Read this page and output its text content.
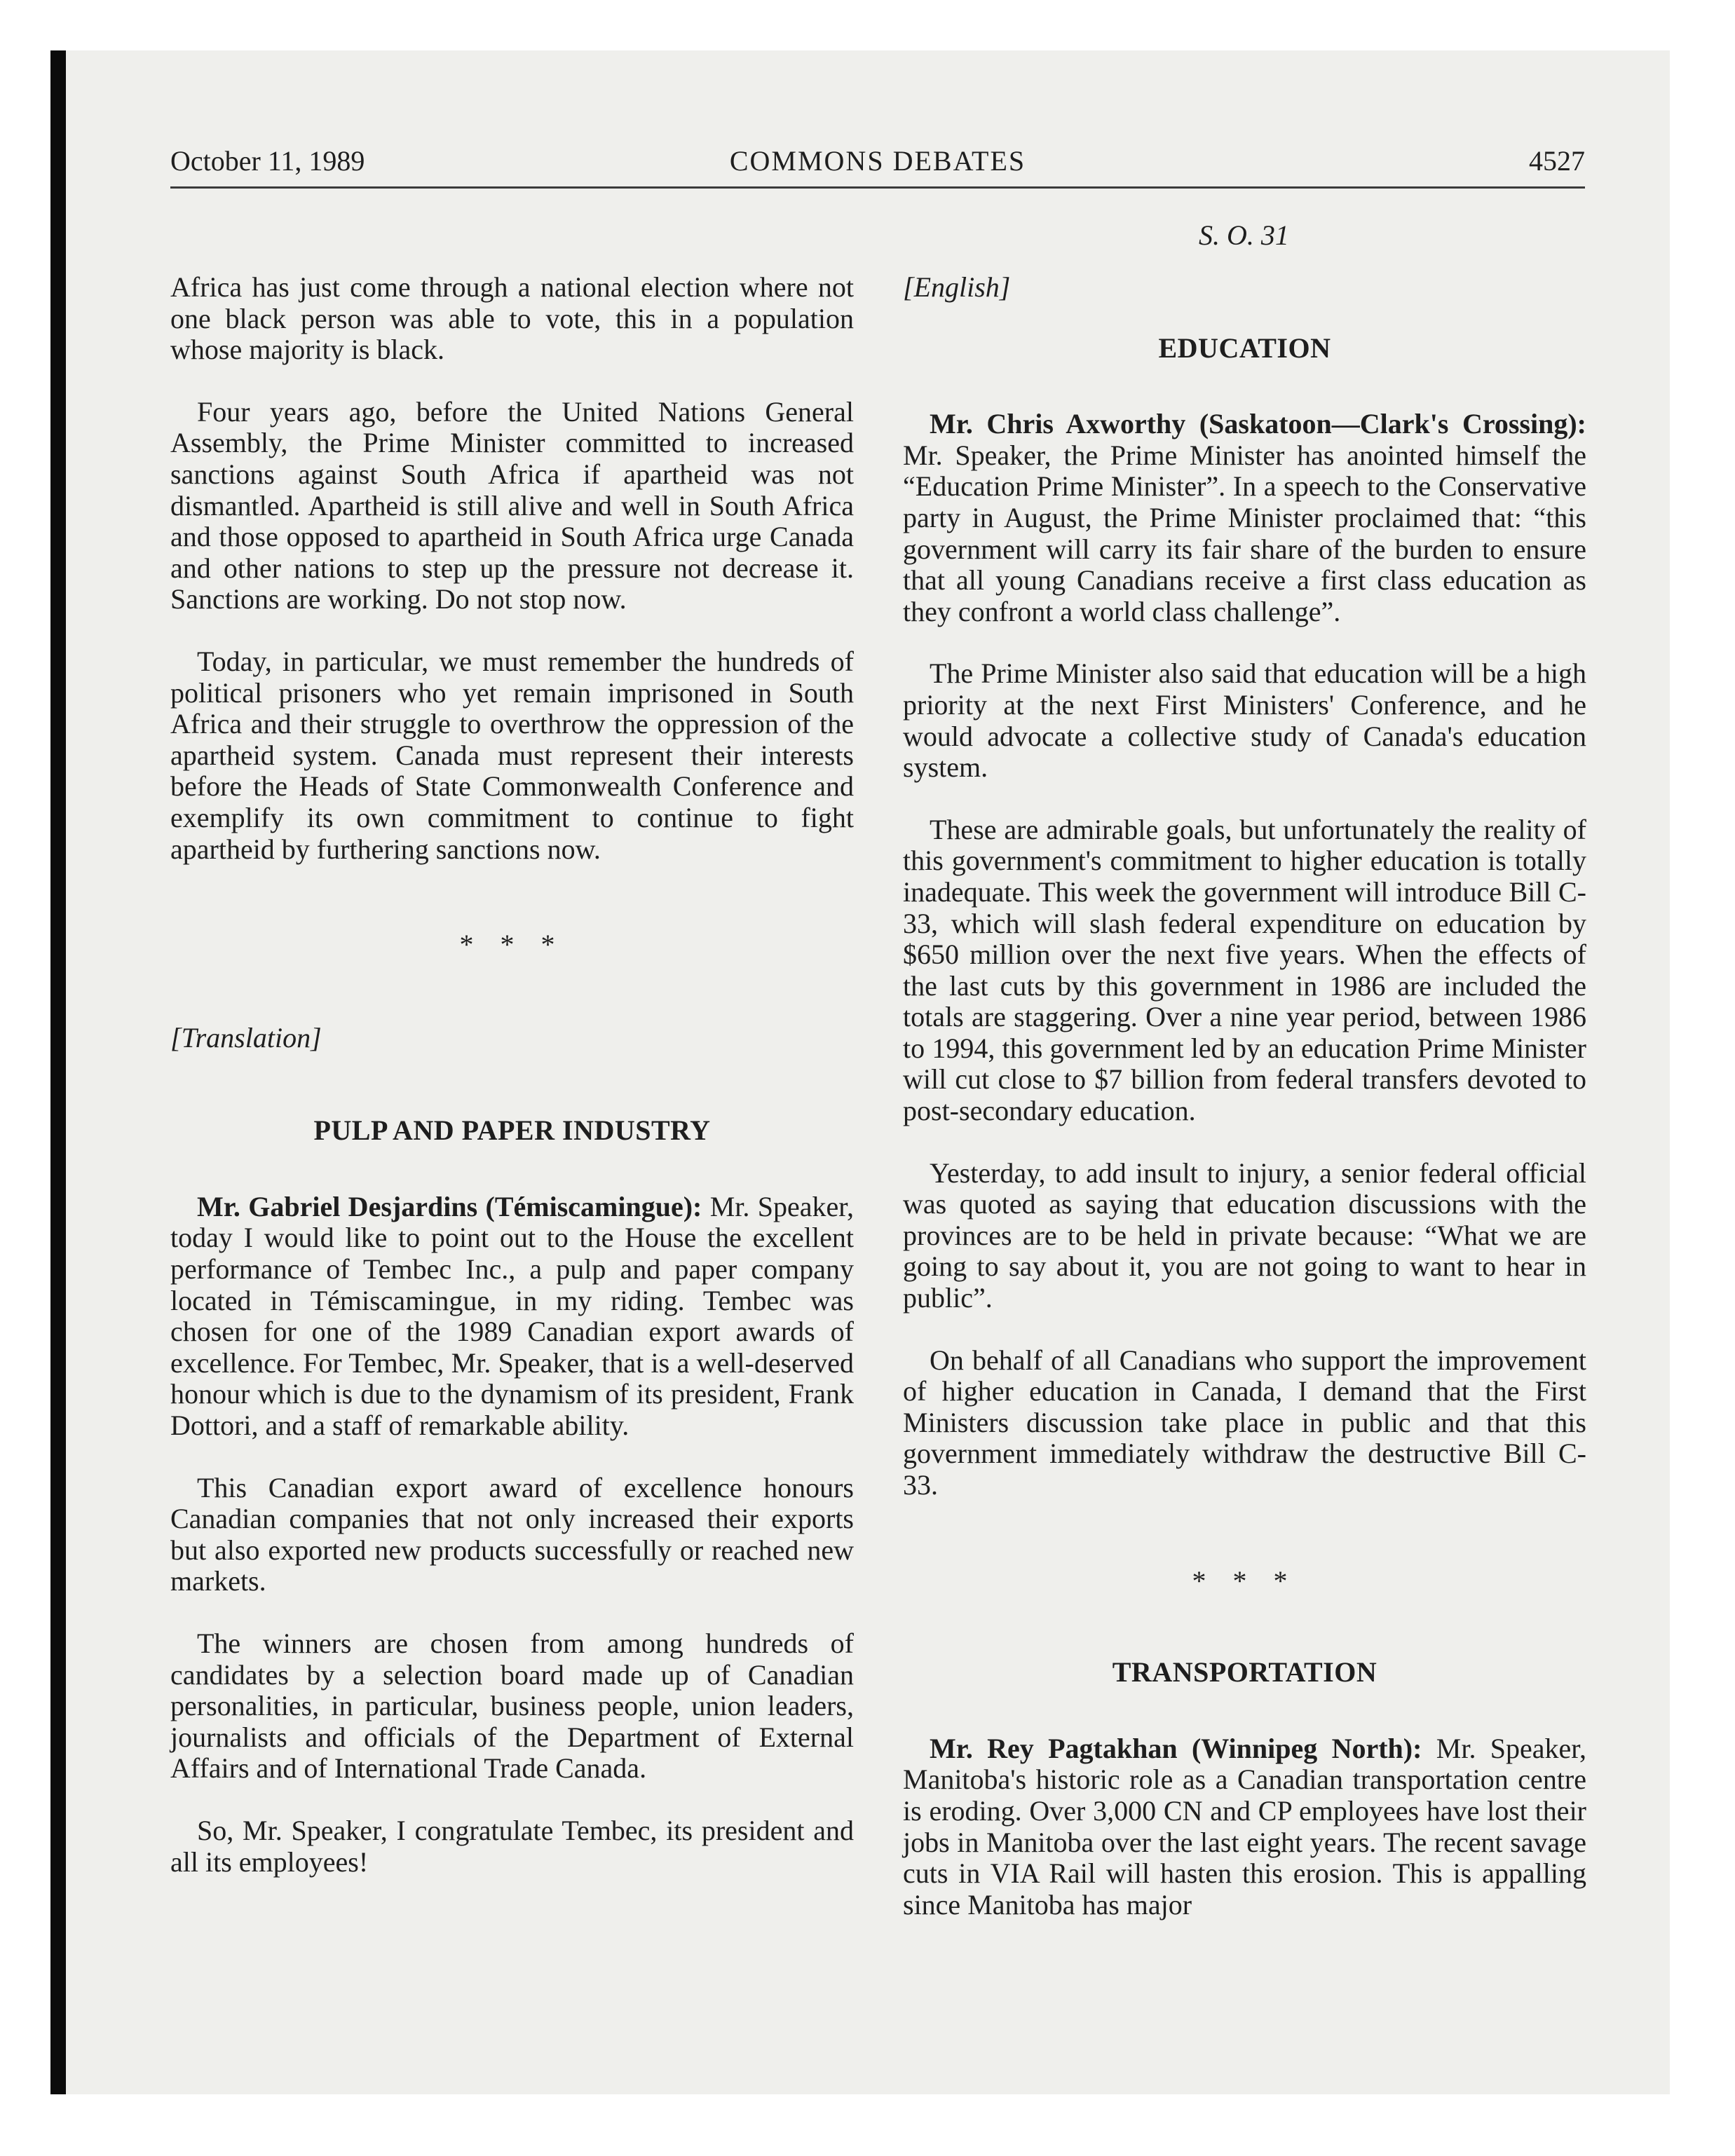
October 11, 1989	COMMONS DEBATES	4527
S. O. 31

Africa has just come through a national election where not one black person was able to vote, this in a population whose majority is black.

Four years ago, before the United Nations General Assembly, the Prime Minister committed to increased sanctions against South Africa if apartheid was not dismantled. Apartheid is still alive and well in South Africa and those opposed to apartheid in South Africa urge Canada and other nations to step up the pressure not decrease it. Sanctions are working. Do not stop now.

Today, in particular, we must remember the hundreds of political prisoners who yet remain imprisoned in South Africa and their struggle to overthrow the oppression of the apartheid system. Canada must represent their interests before the Heads of State Commonwealth Conference and exemplify its own commitment to continue to fight apartheid by furthering sanctions now.

* * *
[Translation]
PULP AND PAPER INDUSTRY

Mr. Gabriel Desjardins (Témiscamingue): Mr. Speaker, today I would like to point out to the House the excellent performance of Tembec Inc., a pulp and paper company located in Témiscamingue, in my riding. Tembec was chosen for one of the 1989 Canadian export awards of excellence. For Tembec, Mr. Speaker, that is a well-deserved honour which is due to the dynamism of its president, Frank Dottori, and a staff of remarkable ability.

This Canadian export award of excellence honours Canadian companies that not only increased their exports but also exported new products successfully or reached new markets.

The winners are chosen from among hundreds of candidates by a selection board made up of Canadian personalities, in particular, business people, union leaders, journalists and officials of the Department of External Affairs and of International Trade Canada.

So, Mr. Speaker, I congratulate Tembec, its president and all its employees!

[English]
EDUCATION

Mr. Chris Axworthy (Saskatoon—Clark's Crossing): Mr. Speaker, the Prime Minister has anointed himself the “Education Prime Minister”. In a speech to the Conservative party in August, the Prime Minister proclaimed that: “this government will carry its fair share of the burden to ensure that all young Canadians receive a first class education as they confront a world class challenge”.

The Prime Minister also said that education will be a high priority at the next First Ministers' Conference, and he would advocate a collective study of Canada's education system.

These are admirable goals, but unfortunately the reality of this government's commitment to higher education is totally inadequate. This week the government will introduce Bill C-33, which will slash federal expenditure on education by $650 million over the next five years. When the effects of the last cuts by this government in 1986 are included the totals are staggering. Over a nine year period, between 1986 to 1994, this government led by an education Prime Minister will cut close to $7 billion from federal transfers devoted to post-secondary education.

Yesterday, to add insult to injury, a senior federal official was quoted as saying that education discussions with the provinces are to be held in private because: “What we are going to say about it, you are not going to want to hear in public”.

On behalf of all Canadians who support the improvement of higher education in Canada, I demand that the First Ministers discussion take place in public and that this government immediately withdraw the destructive Bill C-33.

* * *
TRANSPORTATION

Mr. Rey Pagtakhan (Winnipeg North): Mr. Speaker, Manitoba's historic role as a Canadian transportation centre is eroding. Over 3,000 CN and CP employees have lost their jobs in Manitoba over the last eight years. The recent savage cuts in VIA Rail will hasten this erosion. This is appalling since Manitoba has major
